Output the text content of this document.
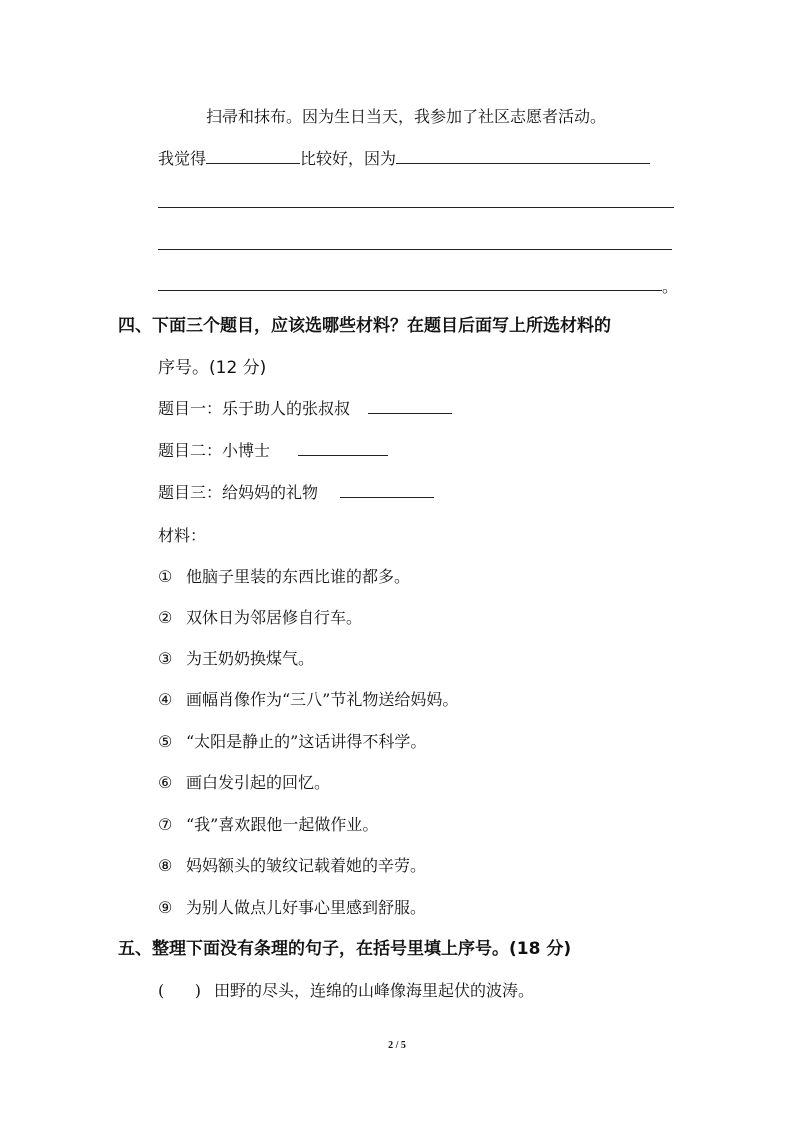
扫帚和抹布。因为生日当天，我参加了社区志愿者活动。
我觉得	比较好，因为
。
四、下面三个题目，应该选哪些材料？在题目后面写上所选材料的
序号。(12 分)
题目一：乐于助人的张叔叔
题目二：小博士
题目三：给妈妈的礼物
材料：
① 他脑子里装的东西比谁的都多。
② 双休日为邻居修自行车。
③ 为王奶奶换煤气。
④ 画幅肖像作为“三八”节礼物送给妈妈。
⑤ “太阳是静止的”这话讲得不科学。
⑥ 画白发引起的回忆。
⑦ “我”喜欢跟他一起做作业。
⑧ 妈妈额头的皱纹记载着她的辛劳。
⑨ 为别人做点儿好事心里感到舒服。
五、整理下面没有条理的句子，在括号里填上序号。(18 分)
(      ) 田野的尽头，连绵的山峰像海里起伏的波涛。
2 / 5
